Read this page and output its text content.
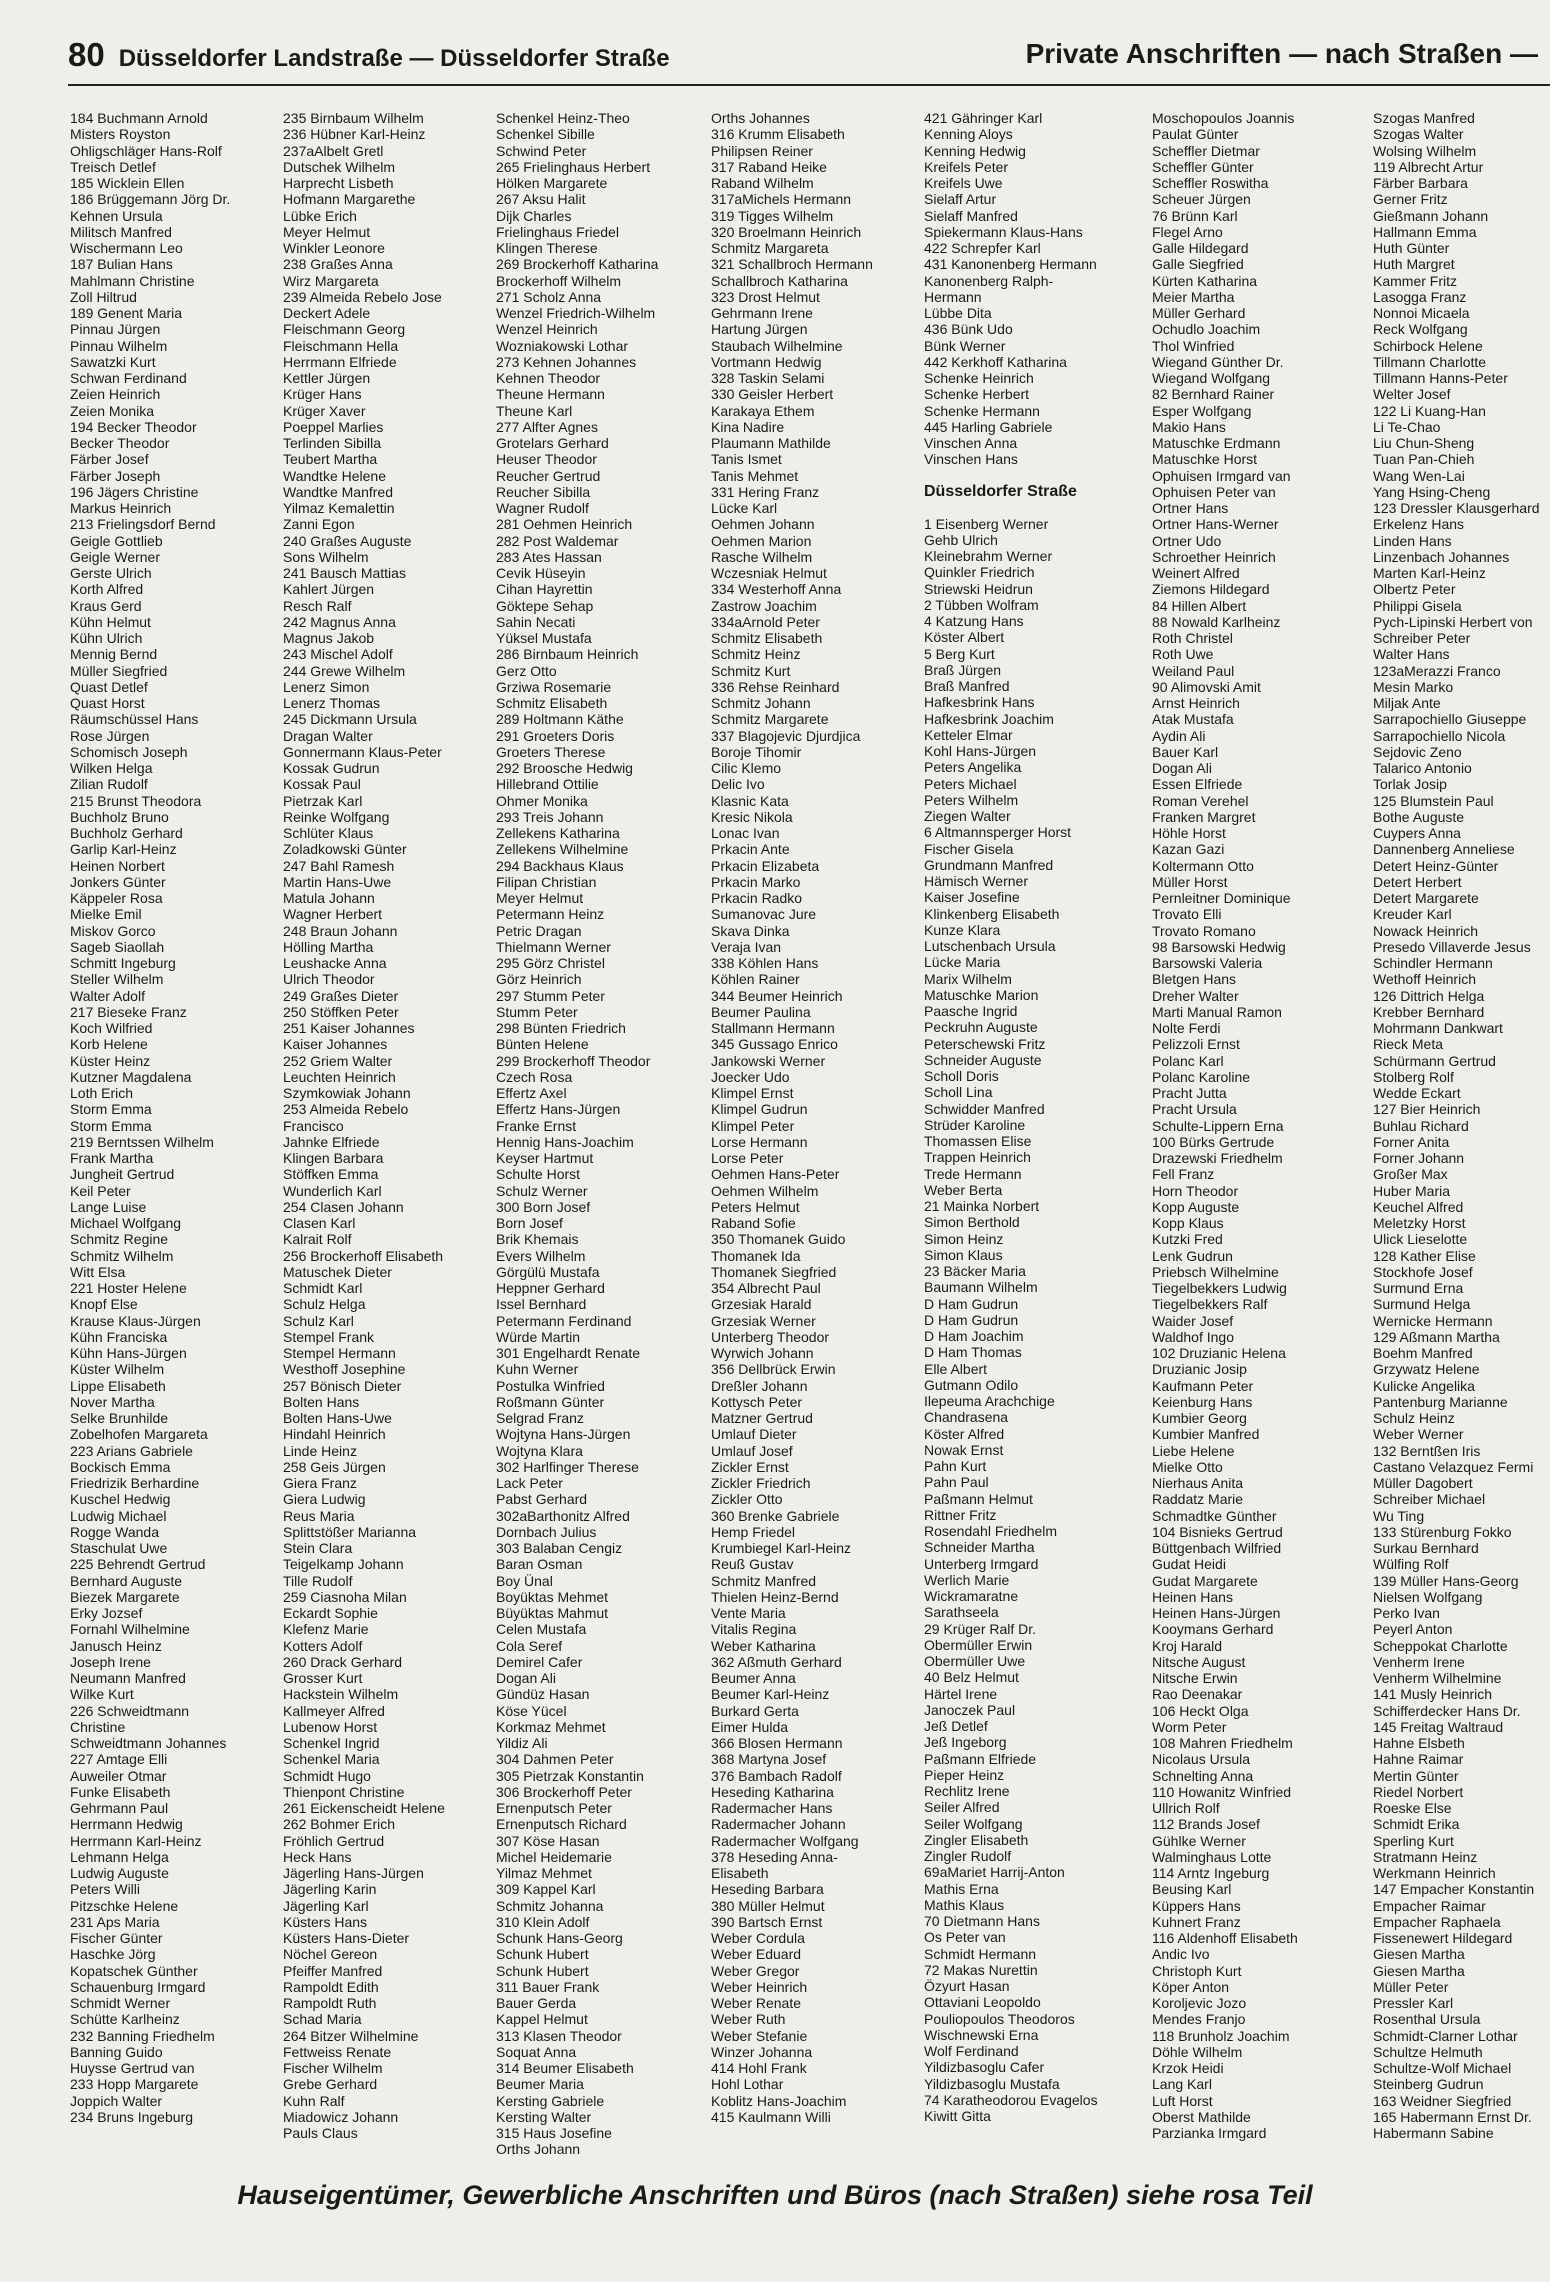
80 Düsseldorfer Landstraße — Düsseldorfer Straße	Private Anschriften — nach Straßen —
184 Buchmann Arnold
Misters Royston
Ohligschläger Hans-Rolf
Treisch Detlef
185 Wicklein Ellen
186 Brüggemann Jörg Dr.
Kehnen Ursula
Militsch Manfred
Wischermann Leo
187 Bulian Hans
Mahlmann Christine
Zoll Hiltrud
189 Genent Maria
Pinnau Jürgen
Pinnau Wilhelm
Sawatzki Kurt
Schwan Ferdinand
Zeien Heinrich
Zeien Monika
194 Becker Theodor
Becker Theodor
Färber Josef
Färber Joseph
196 Jägers Christine
Markus Heinrich
213 Frielingsdorf Bernd
Geigle Gottlieb
Geigle Werner
Gerste Ulrich
Korth Alfred
Kraus Gerd
Kühn Helmut
Kühn Ulrich
Mennig Bernd
Müller Siegfried
Quast Detlef
Quast Horst
Räumschüssel Hans
Rose Jürgen
Schomisch Joseph
Wilken Helga
Zilian Rudolf
215 Brunst Theodora
Buchholz Bruno
Buchholz Gerhard
Garlip Karl-Heinz
Heinen Norbert
Jonkers Günter
Käppeler Rosa
Mielke Emil
Miskov Gorco
Sageb Siaollah
Schmitt Ingeburg
Steller Wilhelm
Walter Adolf
217 Bieseke Franz
Koch Wilfried
Korb Helene
Küster Heinz
Kutzner Magdalena
Loth Erich
Storm Emma
Storm Emma
219 Berntssen Wilhelm
Frank Martha
Jungheit Gertrud
Keil Peter
Lange Luise
Michael Wolfgang
Schmitz Regine
Schmitz Wilhelm
Witt Elsa
221 Hoster Helene
Knopf Else
Krause Klaus-Jürgen
Kühn Franciska
Kühn Hans-Jürgen
Küster Wilhelm
Lippe Elisabeth
Nover Martha
Selke Brunhilde
Zobelhofen Margareta
223 Arians Gabriele
Bockisch Emma
Friedrizik Berhardine
Kuschel Hedwig
Ludwig Michael
Rogge Wanda
Staschulat Uwe
225 Behrendt Gertrud
Bernhard Auguste
Biezek Margarete
Erky Jozsef
Fornahl Wilhelmine
Janusch Heinz
Joseph Irene
Neumann Manfred
Wilke Kurt
226 Schweidtmann
Christine
Schweidtmann Johannes
227 Amtage Elli
Auweiler Otmar
Funke Elisabeth
Gehrmann Paul
Herrmann Hedwig
Herrmann Karl-Heinz
Lehmann Helga
Ludwig Auguste
Peters Willi
Pitzschke Helene
231 Aps Maria
Fischer Günter
Haschke Jörg
Kopatschek Günther
Schauenburg Irmgard
Schmidt Werner
Schütte Karlheinz
232 Banning Friedhelm
Banning Guido
Huysse Gertrud van
233 Hopp Margarete
Joppich Walter
234 Bruns Ingeburg
235 Birnbaum Wilhelm
236 Hübner Karl-Heinz
237aAlbelt Gretl
Dutschek Wilhelm
Harprecht Lisbeth
Hofmann Margarethe
Lübke Erich
Meyer Helmut
Winkler Leonore
238 Graßes Anna
Wirz Margareta
239 Almeida Rebelo Jose
Deckert Adele
Fleischmann Georg
Fleischmann Hella
Herrmann Elfriede
Kettler Jürgen
Krüger Hans
Krüger Xaver
Poeppel Marlies
Terlinden Sibilla
Teubert Martha
Wandtke Helene
Wandtke Manfred
Yilmaz Kemalettin
Zanni Egon
240 Graßes Auguste
Sons Wilhelm
241 Bausch Mattias
Kahlert Jürgen
Resch Ralf
242 Magnus Anna
Magnus Jakob
243 Mischel Adolf
244 Grewe Wilhelm
Lenerz Simon
Lenerz Thomas
245 Dickmann Ursula
Dragan Walter
Gonnermann Klaus-Peter
Kossak Gudrun
Kossak Paul
Pietrzak Karl
Reinke Wolfgang
Schlüter Klaus
Zoladkowski Günter
247 Bahl Ramesh
Martin Hans-Uwe
Matula Johann
Wagner Herbert
248 Braun Johann
Hölling Martha
Leushacke Anna
Ulrich Theodor
249 Graßes Dieter
250 Stöffken Peter
251 Kaiser Johannes
Kaiser Johannes
252 Griem Walter
Leuchten Heinrich
Szymkowiak Johann
253 Almeida Rebelo
Francisco
Jahnke Elfriede
Klingen Barbara
Stöffken Emma
Wunderlich Karl
254 Clasen Johann
Clasen Karl
Kalrait Rolf
256 Brockerhoff Elisabeth
Matuschek Dieter
Schmidt Karl
Schulz Helga
Schulz Karl
Stempel Frank
Stempel Hermann
Westhoff Josephine
257 Bönisch Dieter
Bolten Hans
Bolten Hans-Uwe
Hindahl Heinrich
Linde Heinz
258 Geis Jürgen
Giera Franz
Giera Ludwig
Reus Maria
Splittstößer Marianna
Stein Clara
Teigelkamp Johann
Tille Rudolf
259 Ciasnoha Milan
Eckardt Sophie
Klefenz Marie
Kotters Adolf
260 Drack Gerhard
Grosser Kurt
Hackstein Wilhelm
Kallmeyer Alfred
Lubenow Horst
Schenkel Ingrid
Schenkel Maria
Schmidt Hugo
Thienpont Christine
261 Eickenscheidt Helene
262 Bohmer Erich
Fröhlich Gertrud
Heck Hans
Jägerling Hans-Jürgen
Jägerling Karin
Jägerling Karl
Küsters Hans
Küsters Hans-Dieter
Nöchel Gereon
Pfeiffer Manfred
Rampoldt Edith
Rampoldt Ruth
Schad Maria
264 Bitzer Wilhelmine
Fettweiss Renate
Fischer Wilhelm
Grebe Gerhard
Kuhn Ralf
Miadowicz Johann
Pauls Claus
Schenkel Heinz-Theo
Schenkel Sibille
Schwind Peter
265 Frielinghaus Herbert
Hölken Margarete
267 Aksu Halit
Dijk Charles
Frielinghaus Friedel
Klingen Therese
269 Brockerhoff Katharina
Brockerhoff Wilhelm
271 Scholz Anna
Wenzel Friedrich-Wilhelm
Wenzel Heinrich
Wozniakowski Lothar
273 Kehnen Johannes
Kehnen Theodor
Theune Hermann
Theune Karl
277 Alfter Agnes
Grotelars Gerhard
Heuser Theodor
Reucher Gertrud
Reucher Sibilla
Wagner Rudolf
281 Oehmen Heinrich
282 Post Waldemar
283 Ates Hassan
Cevik Hüseyin
Cihan Hayrettin
Göktepe Sehap
Sahin Necati
Yüksel Mustafa
286 Birnbaum Heinrich
Gerz Otto
Grziwa Rosemarie
Schmitz Elisabeth
289 Holtmann Käthe
291 Groeters Doris
Groeters Therese
292 Broosche Hedwig
Hillebrand Ottilie
Ohmer Monika
293 Treis Johann
Zellekens Katharina
Zellekens Wilhelmine
294 Backhaus Klaus
Filipan Christian
Meyer Helmut
Petermann Heinz
Petric Dragan
Thielmann Werner
295 Görz Christel
Görz Heinrich
297 Stumm Peter
Stumm Peter
298 Bünten Friedrich
Bünten Helene
299 Brockerhoff Theodor
Czech Rosa
Effertz Axel
Effertz Hans-Jürgen
Franke Ernst
Hennig Hans-Joachim
Keyser Hartmut
Schulte Horst
Schulz Werner
300 Born Josef
Born Josef
Brik Khemais
Evers Wilhelm
Görgülü Mustafa
Heppner Gerhard
Issel Bernhard
Petermann Ferdinand
Würde Martin
301 Engelhardt Renate
Kuhn Werner
Postulka Winfried
Roßmann Günter
Selgrad Franz
Wojtyna Hans-Jürgen
Wojtyna Klara
302 Harlfinger Therese
Lack Peter
Pabst Gerhard
302aBarthonitz Alfred
Dornbach Julius
303 Balaban Cengiz
Baran Osman
Boy Ünal
Boyüktas Mehmet
Büyüktas Mahmut
Celen Mustafa
Cola Seref
Demirel Cafer
Dogan Ali
Gündüz Hasan
Köse Yücel
Korkmaz Mehmet
Yildiz Ali
304 Dahmen Peter
305 Pietrzak Konstantin
306 Brockerhoff Peter
Ernenputsch Peter
Ernenputsch Richard
307 Köse Hasan
Michel Heidemarie
Yilmaz Mehmet
309 Kappel Karl
Schmitz Johanna
310 Klein Adolf
Schunk Hans-Georg
Schunk Hubert
Schunk Hubert
311 Bauer Frank
Bauer Gerda
Kappel Helmut
313 Klasen Theodor
Soquat Anna
314 Beumer Elisabeth
Beumer Maria
Kersting Gabriele
Kersting Walter
315 Haus Josefine
Orths Johann
Orths Johannes
316 Krumm Elisabeth
Philipsen Reiner
317 Raband Heike
Raband Wilhelm
317aMichels Hermann
319 Tigges Wilhelm
320 Broelmann Heinrich
Schmitz Margareta
321 Schallbroch Hermann
Schallbroch Katharina
323 Drost Helmut
Gehrmann Irene
Hartung Jürgen
Staubach Wilhelmine
Vortmann Hedwig
328 Taskin Selami
330 Geisler Herbert
Karakaya Ethem
Kina Nadire
Plaumann Mathilde
Tanis Ismet
Tanis Mehmet
331 Hering Franz
Lücke Karl
Oehmen Johann
Oehmen Marion
Rasche Wilhelm
Wczesniak Helmut
334 Westerhoff Anna
Zastrow Joachim
334aArnold Peter
Schmitz Elisabeth
Schmitz Heinz
Schmitz Kurt
336 Rehse Reinhard
Schmitz Johann
Schmitz Margarete
337 Blagojevic Djurdjica
Boroje Tihomir
Cilic Klemo
Delic Ivo
Klasnic Kata
Kresic Nikola
Lonac Ivan
Prkacin Ante
Prkacin Elizabeta
Prkacin Marko
Prkacin Radko
Sumanovac Jure
Skava Dinka
Veraja Ivan
338 Köhlen Hans
Köhlen Rainer
344 Beumer Heinrich
Beumer Paulina
Stallmann Hermann
345 Gussago Enrico
Jankowski Werner
Joecker Udo
Klimpel Ernst
Klimpel Gudrun
Klimpel Peter
Lorse Hermann
Lorse Peter
Oehmen Hans-Peter
Oehmen Wilhelm
Peters Helmut
Raband Sofie
350 Thomanek Guido
Thomanek Ida
Thomanek Siegfried
354 Albrecht Paul
Grzesiak Harald
Grzesiak Werner
Unterberg Theodor
Wyrwich Johann
356 Dellbrück Erwin
Dreßler Johann
Kottysch Peter
Matzner Gertrud
Umlauf Dieter
Umlauf Josef
Zickler Ernst
Zickler Friedrich
Zickler Otto
360 Brenke Gabriele
Hemp Friedel
Krumbiegel Karl-Heinz
Reuß Gustav
Schmitz Manfred
Thielen Heinz-Bernd
Vente Maria
Vitalis Regina
Weber Katharina
362 Aßmuth Gerhard
Beumer Anna
Beumer Karl-Heinz
Burkard Gerta
Eimer Hulda
366 Blosen Hermann
368 Martyna Josef
376 Bambach Radolf
Heseding Katharina
Radermacher Hans
Radermacher Johann
Radermacher Wolfgang
378 Heseding Anna-
Elisabeth
Heseding Barbara
380 Müller Helmut
390 Bartsch Ernst
Weber Cordula
Weber Eduard
Weber Gregor
Weber Heinrich
Weber Renate
Weber Ruth
Weber Stefanie
Winzer Johanna
414 Hohl Frank
Hohl Lothar
Koblitz Hans-Joachim
415 Kaulmann Willi
421 Gähringer Karl
Kenning Aloys
Kenning Hedwig
Kreifels Peter
Kreifels Uwe
Sielaff Artur
Sielaff Manfred
Spiekermann Klaus-Hans
422 Schrepfer Karl
431 Kanonenberg Hermann
Kanonenberg Ralph-
Hermann
Lübbe Dita
436 Bünk Udo
Bünk Werner
442 Kerkhoff Katharina
Schenke Heinrich
Schenke Herbert
Schenke Hermann
445 Harling Gabriele
Vinschen Anna
Vinschen Hans
Düsseldorfer Straße
1 Eisenberg Werner
Gehb Ulrich
Kleinebrahm Werner
Quinkler Friedrich
Striewski Heidrun
2 Tübben Wolfram
4 Katzung Hans
Köster Albert
5 Berg Kurt
Braß Jürgen
Braß Manfred
Hafkesbrink Hans
Hafkesbrink Joachim
Ketteler Elmar
Kohl Hans-Jürgen
Peters Angelika
Peters Michael
Peters Wilhelm
Ziegen Walter
6 Altmannsperger Horst
Fischer Gisela
Grundmann Manfred
Hämisch Werner
Kaiser Josefine
Klinkenberg Elisabeth
Kunze Klara
Lutschenbach Ursula
Lücke Maria
Marix Wilhelm
Matuschke Marion
Paasche Ingrid
Peckruhn Auguste
Peterschewski Fritz
Schneider Auguste
Scholl Doris
Scholl Lina
Schwidder Manfred
Strüder Karoline
Thomassen Elise
Trappen Heinrich
Trede Hermann
Weber Berta
21 Mainka Norbert
Simon Berthold
Simon Heinz
Simon Klaus
23 Bäcker Maria
Baumann Wilhelm
D Ham Gudrun
D Ham Gudrun
D Ham Joachim
D Ham Thomas
Elle Albert
Gutmann Odilo
Ilepeuma Arachchige
Chandrasena
Köster Alfred
Nowak Ernst
Pahn Kurt
Pahn Paul
Paßmann Helmut
Rittner Fritz
Rosendahl Friedhelm
Schneider Martha
Unterberg Irmgard
Werlich Marie
Wickramaratne
Sarathseela
29 Krüger Ralf Dr.
Obermüller Erwin
Obermüller Uwe
40 Belz Helmut
Härtel Irene
Janoczek Paul
Jeß Detlef
Jeß Ingeborg
Paßmann Elfriede
Pieper Heinz
Rechlitz Irene
Seiler Alfred
Seiler Wolfgang
Zingler Elisabeth
Zingler Rudolf
69aMariet Harrij-Anton
Mathis Erna
Mathis Klaus
70 Dietmann Hans
Os Peter van
Schmidt Hermann
72 Makas Nurettin
Özyurt Hasan
Ottaviani Leopoldo
Pouliopoulos Theodoros
Wischnewski Erna
Wolf Ferdinand
Yildizbasoglu Cafer
Yildizbasoglu Mustafa
74 Karatheodorou Evagelos
Kiwitt Gitta
Moschopoulos Joannis
Paulat Günter
Scheffler Dietmar
Scheffler Günter
Scheffler Roswitha
Scheuer Jürgen
76 Brünn Karl
Flegel Arno
Galle Hildegard
Galle Siegfried
Kürten Katharina
Meier Martha
Müller Gerhard
Ochudlo Joachim
Thol Winfried
Wiegand Günther Dr.
Wiegand Wolfgang
82 Bernhard Rainer
Esper Wolfgang
Makio Hans
Matuschke Erdmann
Matuschke Horst
Ophuisen Irmgard van
Ophuisen Peter van
Ortner Hans
Ortner Hans-Werner
Ortner Udo
Schroether Heinrich
Weinert Alfred
Ziemons Hildegard
84 Hillen Albert
88 Nowald Karlheinz
Roth Christel
Roth Uwe
Weiland Paul
90 Alimovski Amit
Arnst Heinrich
Atak Mustafa
Aydin Ali
Bauer Karl
Dogan Ali
Essen Elfriede
Roman Verehel
Franken Margret
Höhle Horst
Kazan Gazi
Koltermann Otto
Müller Horst
Pernleitner Dominique
Trovato Elli
Trovato Romano
98 Barsowski Hedwig
Barsowski Valeria
Bletgen Hans
Dreher Walter
Marti Manual Ramon
Nolte Ferdi
Pelizzoli Ernst
Polanc Karl
Polanc Karoline
Pracht Jutta
Pracht Ursula
Schulte-Lippern Erna
100 Bürks Gertrude
Drazewski Friedhelm
Fell Franz
Horn Theodor
Kopp Auguste
Kopp Klaus
Kutzki Fred
Lenk Gudrun
Priebsch Wilhelmine
Tiegelbekkers Ludwig
Tiegelbekkers Ralf
Waider Josef
Waldhof Ingo
102 Druzianic Helena
Druzianic Josip
Kaufmann Peter
Keienburg Hans
Kumbier Georg
Kumbier Manfred
Liebe Helene
Mielke Otto
Nierhaus Anita
Raddatz Marie
Schmadtke Günther
104 Bisnieks Gertrud
Büttgenbach Wilfried
Gudat Heidi
Gudat Margarete
Heinen Hans
Heinen Hans-Jürgen
Kooymans Gerhard
Kroj Harald
Nitsche August
Nitsche Erwin
Rao Deenakar
106 Heckt Olga
Worm Peter
108 Mahren Friedhelm
Nicolaus Ursula
Schnelting Anna
110 Howanitz Winfried
Ullrich Rolf
112 Brands Josef
Gühlke Werner
Walminghaus Lotte
114 Arntz Ingeburg
Beusing Karl
Küppers Hans
Kuhnert Franz
116 Aldenhoff Elisabeth
Andic Ivo
Christoph Kurt
Köper Anton
Koroljevic Jozo
Mendes Franjo
118 Brunholz Joachim
Döhle Wilhelm
Krzok Heidi
Lang Karl
Luft Horst
Oberst Mathilde
Parzianka Irmgard
Szogas Manfred
Szogas Walter
Wolsing Wilhelm
119 Albrecht Artur
Färber Barbara
Gerner Fritz
Gießmann Johann
Hallmann Emma
Huth Günter
Huth Margret
Kammer Fritz
Lasogga Franz
Nonnoi Micaela
Reck Wolfgang
Schirbock Helene
Tillmann Charlotte
Tillmann Hanns-Peter
Welter Josef
122 Li Kuang-Han
Li Te-Chao
Liu Chun-Sheng
Tuan Pan-Chieh
Wang Wen-Lai
Yang Hsing-Cheng
123 Dressler Klausgerhard
Erkelenz Hans
Linden Hans
Linzenbach Johannes
Marten Karl-Heinz
Olbertz Peter
Philippi Gisela
Pych-Lipinski Herbert von
Schreiber Peter
Walter Hans
123aMerazzi Franco
Mesin Marko
Miljak Ante
Sarrapochiello Giuseppe
Sarrapochiello Nicola
Sejdovic Zeno
Talarico Antonio
Torlak Josip
125 Blumstein Paul
Bothe Auguste
Cuypers Anna
Dannenberg Anneliese
Detert Heinz-Günter
Detert Herbert
Detert Margarete
Kreuder Karl
Nowack Heinrich
Presedo Villaverde Jesus
Schindler Hermann
Wethoff Heinrich
126 Dittrich Helga
Krebber Bernhard
Mohrmann Dankwart
Rieck Meta
Schürmann Gertrud
Stolberg Rolf
Wedde Eckart
127 Bier Heinrich
Buhlau Richard
Forner Anita
Forner Johann
Großer Max
Huber Maria
Keuchel Alfred
Meletzky Horst
Ulick Lieselotte
128 Kather Elise
Stockhofe Josef
Surmund Erna
Surmund Helga
Wernicke Hermann
129 Aßmann Martha
Boehm Manfred
Grzywatz Helene
Kulicke Angelika
Pantenburg Marianne
Schulz Heinz
Weber Werner
132 Berntßen Iris
Castano Velazquez Fermi
Müller Dagobert
Schreiber Michael
Wu Ting
133 Stürenburg Fokko
Surkau Bernhard
Wülfing Rolf
139 Müller Hans-Georg
Nielsen Wolfgang
Perko Ivan
Peyerl Anton
Scheppokat Charlotte
Venherm Irene
Venherm Wilhelmine
141 Musly Heinrich
Schifferdecker Hans Dr.
145 Freitag Waltraud
Hahne Elsbeth
Hahne Raimar
Mertin Günter
Riedel Norbert
Roeske Else
Schmidt Erika
Sperling Kurt
Stratmann Heinz
Werkmann Heinrich
147 Empacher Konstantin
Empacher Raimar
Empacher Raphaela
Fissenewert Hildegard
Giesen Martha
Giesen Martha
Müller Peter
Pressler Karl
Rosenthal Ursula
Schmidt-Clarner Lothar
Schultze Helmuth
Schultze-Wolf Michael
Steinberg Gudrun
163 Weidner Siegfried
165 Habermann Ernst Dr.
Habermann Sabine
Hauseigentümer, Gewerbliche Anschriften und Büros (nach Straßen) siehe rosa Teil
